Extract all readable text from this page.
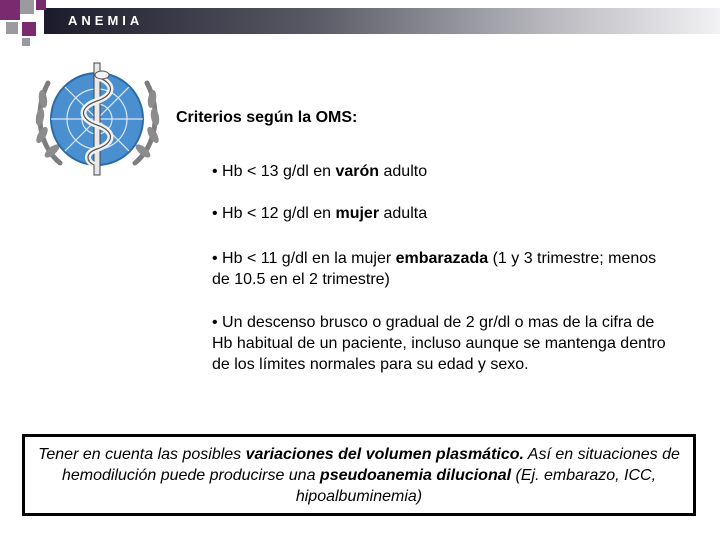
ANEMIA
Criterios según la OMS:
• Hb < 13 g/dl en varón adulto
• Hb < 12 g/dl en mujer adulta
• Hb < 11 g/dl en la mujer embarazada (1 y 3 trimestre; menos de 10.5 en el 2 trimestre)
• Un descenso brusco o gradual de 2 gr/dl o mas de la cifra de Hb habitual de un paciente, incluso aunque se mantenga dentro de los límites normales para su edad y sexo.
Tener en cuenta las posibles variaciones del volumen plasmático. Así en situaciones de hemodilución puede producirse una pseudoanemia dilucional (Ej. embarazo, ICC, hipoalbuminemia)
